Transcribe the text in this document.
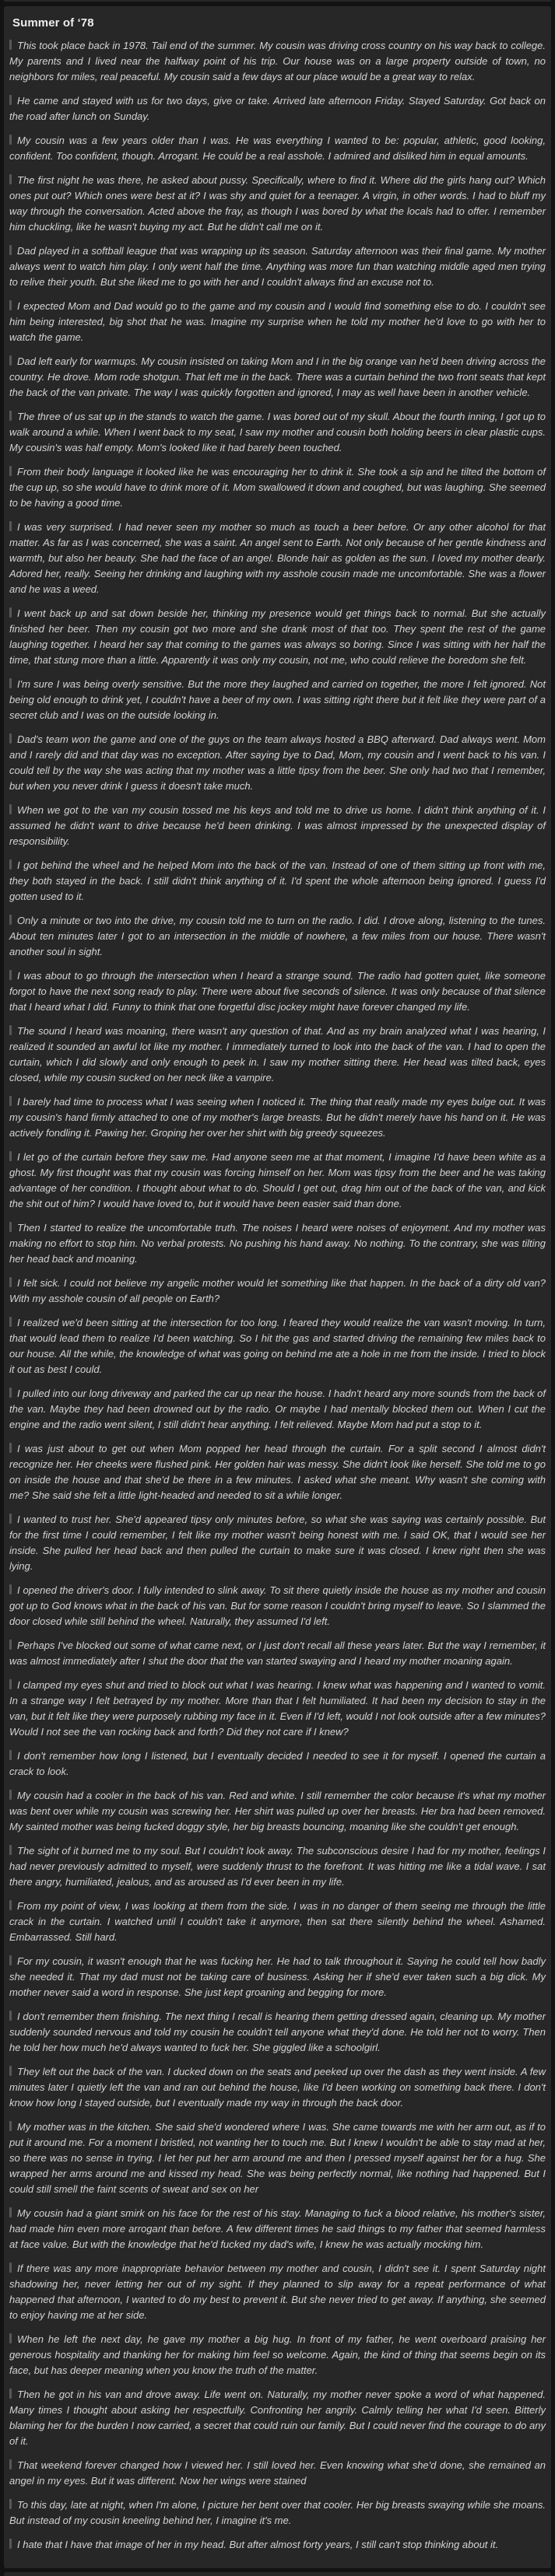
Summer of ‘78

This took place back in 1978. Tail end of the summer. My cousin was driving cross country on his way back to college. My parents and I lived near the halfway point of his trip. Our house was on a large property outside of town, no neighbors for miles, real peaceful. My cousin said a few days at our place would be a great way to relax.

He came and stayed with us for two days, give or take. Arrived late afternoon Friday. Stayed Saturday. Got back on the road after lunch on Sunday.

My cousin was a few years older than I was. He was everything I wanted to be: popular, athletic, good looking, confident. Too confident, though. Arrogant. He could be a real asshole. I admired and disliked him in equal amounts.

The first night he was there, he asked about pussy. Specifically, where to find it. Where did the girls hang out? Which ones put out? Which ones were best at it? I was shy and quiet for a teenager. A virgin, in other words. I had to bluff my way through the conversation. Acted above the fray, as though I was bored by what the locals had to offer. I remember him chuckling, like he wasn't buying my act. But he didn't call me on it.

Dad played in a softball league that was wrapping up its season. Saturday afternoon was their final game. My mother always went to watch him play. I only went half the time. Anything was more fun than watching middle aged men trying to relive their youth. But she liked me to go with her and I couldn't always find an excuse not to.

I expected Mom and Dad would go to the game and my cousin and I would find something else to do. I couldn't see him being interested, big shot that he was. Imagine my surprise when he told my mother he'd love to go with her to watch the game.

Dad left early for warmups. My cousin insisted on taking Mom and I in the big orange van he'd been driving across the country. He drove. Mom rode shotgun. That left me in the back. There was a curtain behind the two front seats that kept the back of the van private. The way I was quickly forgotten and ignored, I may as well have been in another vehicle.

The three of us sat up in the stands to watch the game. I was bored out of my skull. About the fourth inning, I got up to walk around a while. When I went back to my seat, I saw my mother and cousin both holding beers in clear plastic cups. My cousin's was half empty. Mom's looked like it had barely been touched.

From their body language it looked like he was encouraging her to drink it. She took a sip and he tilted the bottom of the cup up, so she would have to drink more of it. Mom swallowed it down and coughed, but was laughing. She seemed to be having a good time.

I was very surprised. I had never seen my mother so much as touch a beer before. Or any other alcohol for that matter. As far as I was concerned, she was a saint. An angel sent to Earth. Not only because of her gentle kindness and warmth, but also her beauty. She had the face of an angel. Blonde hair as golden as the sun. I loved my mother dearly. Adored her, really. Seeing her drinking and laughing with my asshole cousin made me uncomfortable. She was a flower and he was a weed.

I went back up and sat down beside her, thinking my presence would get things back to normal. But she actually finished her beer. Then my cousin got two more and she drank most of that too. They spent the rest of the game laughing together. I heard her say that coming to the games was always so boring. Since I was sitting with her half the time, that stung more than a little. Apparently it was only my cousin, not me, who could relieve the boredom she felt.

I'm sure I was being overly sensitive. But the more they laughed and carried on together, the more I felt ignored. Not being old enough to drink yet, I couldn't have a beer of my own. I was sitting right there but it felt like they were part of a secret club and I was on the outside looking in.

Dad's team won the game and one of the guys on the team always hosted a BBQ afterward. Dad always went. Mom and I rarely did and that day was no exception. After saying bye to Dad, Mom, my cousin and I went back to his van. I could tell by the way she was acting that my mother was a little tipsy from the beer. She only had two that I remember, but when you never drink I guess it doesn't take much.

When we got to the van my cousin tossed me his keys and told me to drive us home. I didn't think anything of it. I assumed he didn't want to drive because he'd been drinking. I was almost impressed by the unexpected display of responsibility.

I got behind the wheel and he helped Mom into the back of the van. Instead of one of them sitting up front with me, they both stayed in the back. I still didn't think anything of it. I'd spent the whole afternoon being ignored. I guess I'd gotten used to it.

Only a minute or two into the drive, my cousin told me to turn on the radio. I did. I drove along, listening to the tunes. About ten minutes later I got to an intersection in the middle of nowhere, a few miles from our house. There wasn't another soul in sight.

I was about to go through the intersection when I heard a strange sound. The radio had gotten quiet, like someone forgot to have the next song ready to play. There were about five seconds of silence. It was only because of that silence that I heard what I did. Funny to think that one forgetful disc jockey might have forever changed my life.

The sound I heard was moaning, there wasn't any question of that. And as my brain analyzed what I was hearing, I realized it sounded an awful lot like my mother. I immediately turned to look into the back of the van. I had to open the curtain, which I did slowly and only enough to peek in. I saw my mother sitting there. Her head was tilted back, eyes closed, while my cousin sucked on her neck like a vampire.

I barely had time to process what I was seeing when I noticed it. The thing that really made my eyes bulge out. It was my cousin's hand firmly attached to one of my mother's large breasts. But he didn't merely have his hand on it. He was actively fondling it. Pawing her. Groping her over her shirt with big greedy squeezes.

I let go of the curtain before they saw me. Had anyone seen me at that moment, I imagine I'd have been white as a ghost. My first thought was that my cousin was forcing himself on her. Mom was tipsy from the beer and he was taking advantage of her condition. I thought about what to do. Should I get out, drag him out of the back of the van, and kick the shit out of him? I would have loved to, but it would have been easier said than done.

Then I started to realize the uncomfortable truth. The noises I heard were noises of enjoyment. And my mother was making no effort to stop him. No verbal protests. No pushing his hand away. No nothing. To the contrary, she was tilting her head back and moaning.

I felt sick. I could not believe my angelic mother would let something like that happen. In the back of a dirty old van? With my asshole cousin of all people on Earth?

I realized we'd been sitting at the intersection for too long. I feared they would realize the van wasn't moving. In turn, that would lead them to realize I'd been watching. So I hit the gas and started driving the remaining few miles back to our house. All the while, the knowledge of what was going on behind me ate a hole in me from the inside. I tried to block it out as best I could.

I pulled into our long driveway and parked the car up near the house. I hadn't heard any more sounds from the back of the van. Maybe they had been drowned out by the radio. Or maybe I had mentally blocked them out. When I cut the engine and the radio went silent, I still didn't hear anything. I felt relieved. Maybe Mom had put a stop to it.

I was just about to get out when Mom popped her head through the curtain. For a split second I almost didn't recognize her. Her cheeks were flushed pink. Her golden hair was messy. She didn't look like herself. She told me to go on inside the house and that she'd be there in a few minutes. I asked what she meant. Why wasn't she coming with me? She said she felt a little light-headed and needed to sit a while longer.

I wanted to trust her. She'd appeared tipsy only minutes before, so what she was saying was certainly possible. But for the first time I could remember, I felt like my mother wasn't being honest with me. I said OK, that I would see her inside. She pulled her head back and then pulled the curtain to make sure it was closed. I knew right then she was lying.

I opened the driver's door. I fully intended to slink away. To sit there quietly inside the house as my mother and cousin got up to God knows what in the back of his van. But for some reason I couldn't bring myself to leave. So I slammed the door closed while still behind the wheel. Naturally, they assumed I'd left.

Perhaps I've blocked out some of what came next, or I just don't recall all these years later. But the way I remember, it was almost immediately after I shut the door that the van started swaying and I heard my mother moaning again.

I clamped my eyes shut and tried to block out what I was hearing. I knew what was happening and I wanted to vomit. In a strange way I felt betrayed by my mother. More than that I felt humiliated. It had been my decision to stay in the van, but it felt like they were purposely rubbing my face in it. Even if I'd left, would I not look outside after a few minutes? Would I not see the van rocking back and forth? Did they not care if I knew?

I don't remember how long I listened, but I eventually decided I needed to see it for myself. I opened the curtain a crack to look.

My cousin had a cooler in the back of his van. Red and white. I still remember the color because it's what my mother was bent over while my cousin was screwing her. Her shirt was pulled up over her breasts. Her bra had been removed. My sainted mother was being fucked doggy style, her big breasts bouncing, moaning like she couldn't get enough.

The sight of it burned me to my soul. But I couldn't look away. The subconscious desire I had for my mother, feelings I had never previously admitted to myself, were suddenly thrust to the forefront. It was hitting me like a tidal wave. I sat there angry, humiliated, jealous, and as aroused as I'd ever been in my life.

From my point of view, I was looking at them from the side. I was in no danger of them seeing me through the little crack in the curtain. I watched until I couldn't take it anymore, then sat there silently behind the wheel. Ashamed. Embarrassed. Still hard.

For my cousin, it wasn't enough that he was fucking her. He had to talk throughout it. Saying he could tell how badly she needed it. That my dad must not be taking care of business. Asking her if she'd ever taken such a big dick. My mother never said a word in response. She just kept groaning and begging for more.

I don't remember them finishing. The next thing I recall is hearing them getting dressed again, cleaning up. My mother suddenly sounded nervous and told my cousin he couldn't tell anyone what they'd done. He told her not to worry. Then he told her how much he'd always wanted to fuck her. She giggled like a schoolgirl.

They left out the back of the van. I ducked down on the seats and peeked up over the dash as they went inside. A few minutes later I quietly left the van and ran out behind the house, like I'd been working on something back there. I don't know how long I stayed outside, but I eventually made my way in through the back door.

My mother was in the kitchen. She said she'd wondered where I was. She came towards me with her arm out, as if to put it around me. For a moment I bristled, not wanting her to touch me. But I knew I wouldn't be able to stay mad at her, so there was no sense in trying. I let her put her arm around me and then I pressed myself against her for a hug. She wrapped her arms around me and kissed my head. She was being perfectly normal, like nothing had happened. But I could still smell the faint scents of sweat and sex on her

My cousin had a giant smirk on his face for the rest of his stay. Managing to fuck a blood relative, his mother's sister, had made him even more arrogant than before. A few different times he said things to my father that seemed harmless at face value. But with the knowledge that he'd fucked my dad's wife, I knew he was actually mocking him.

If there was any more inappropriate behavior between my mother and cousin, I didn't see it. I spent Saturday night shadowing her, never letting her out of my sight. If they planned to slip away for a repeat performance of what happened that afternoon, I wanted to do my best to prevent it. But she never tried to get away. If anything, she seemed to enjoy having me at her side.

When he left the next day, he gave my mother a big hug. In front of my father, he went overboard praising her generous hospitality and thanking her for making him feel so welcome. Again, the kind of thing that seems begin on its face, but has deeper meaning when you know the truth of the matter.

Then he got in his van and drove away. Life went on. Naturally, my mother never spoke a word of what happened. Many times I thought about asking her respectfully. Confronting her angrily. Calmly telling her what I'd seen. Bitterly blaming her for the burden I now carried, a secret that could ruin our family. But I could never find the courage to do any of it.

That weekend forever changed how I viewed her. I still loved her. Even knowing what she'd done, she remained an angel in my eyes. But it was different. Now her wings were stained

To this day, late at night, when I'm alone, I picture her bent over that cooler. Her big breasts swaying while she moans. But instead of my cousin kneeling behind her, I imagine it's me.

I hate that I have that image of her in my head. But after almost forty years, I still can't stop thinking about it.
